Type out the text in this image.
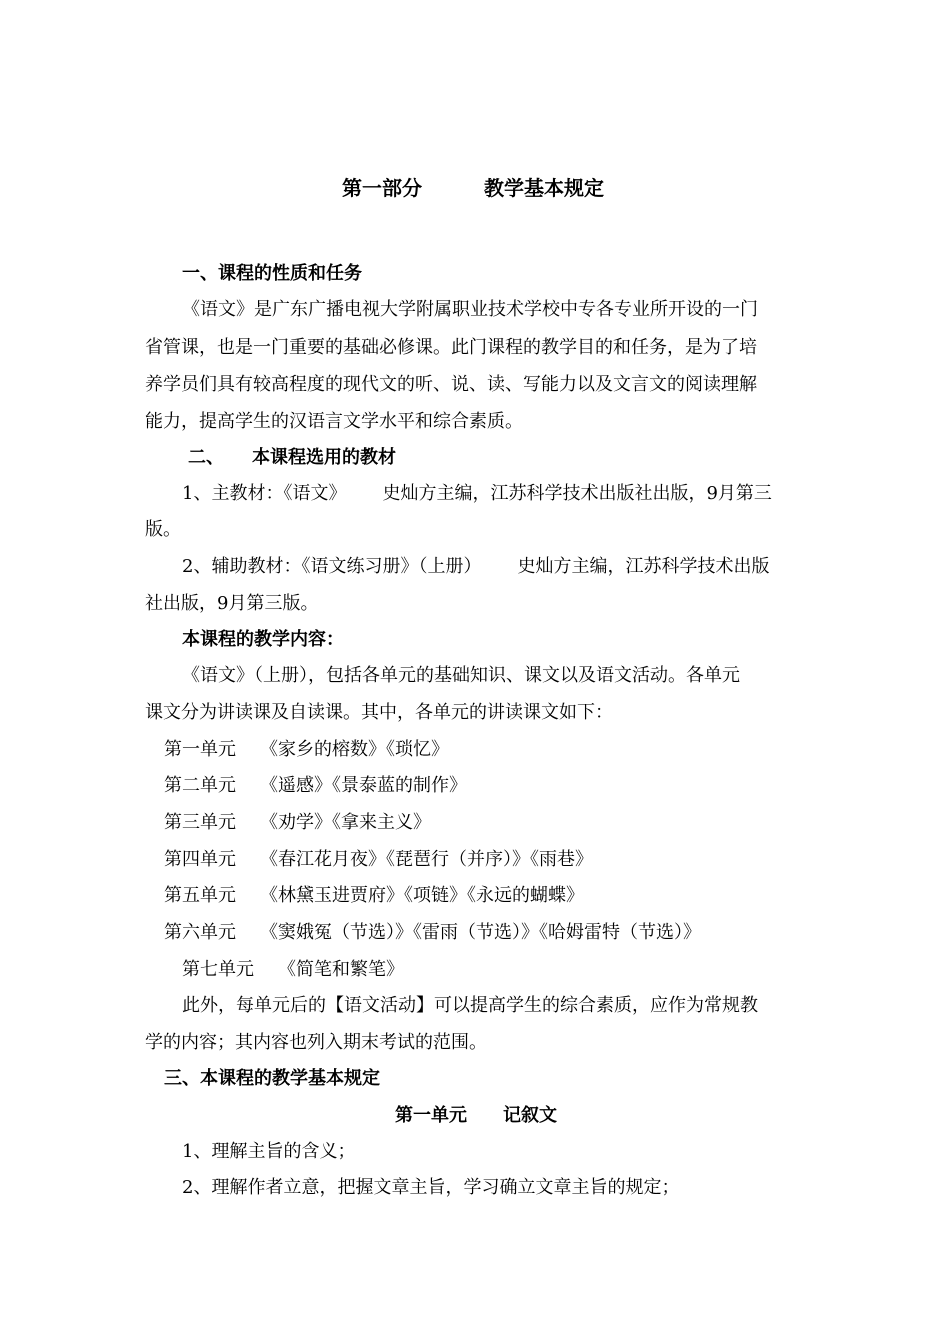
第一部分	教学基本规定
一、课程的性质和任务
《语文》是广东广播电视大学附属职业技术学校中专各专业所开设的一门
省管课，也是一门重要的基础必修课。此门课程的教学目的和任务，是为了培
养学员们具有较高程度的现代文的听、说、读、写能力以及文言文的阅读理解
能力，提高学生的汉语言文学水平和综合素质。
二、 本课程选用的教材
1、主教材：《语文》 史灿方主编，江苏科学技术出版社出版，9月第三
版。
2、辅助教材：《语文练习册》（上册） 史灿方主编，江苏科学技术出版
社出版，9月第三版。
本课程的教学内容：
《语文》（上册），包括各单元的基础知识、课文以及语文活动。各单元
课文分为讲读课及自读课。其中，各单元的讲读课文如下：
第一单元 《家乡的榕数》《琐忆》
第二单元 《遥感》《景泰蓝的制作》
第三单元 《劝学》《拿来主义》
第四单元 《春江花月夜》《琵琶行（并序）》《雨巷》
第五单元 《林黛玉进贾府》《项链》《永远的蝴蝶》
第六单元 《窦娥冤（节选）》《雷雨（节选）》《哈姆雷特（节选）》
第七单元 《简笔和繁笔》
此外，每单元后的【语文活动】可以提高学生的综合素质，应作为常规教
学的内容；其内容也列入期末考试的范围。
三、本课程的教学基本规定
第一单元 记叙文
1、理解主旨的含义；
2、理解作者立意，把握文章主旨，学习确立文章主旨的规定；
